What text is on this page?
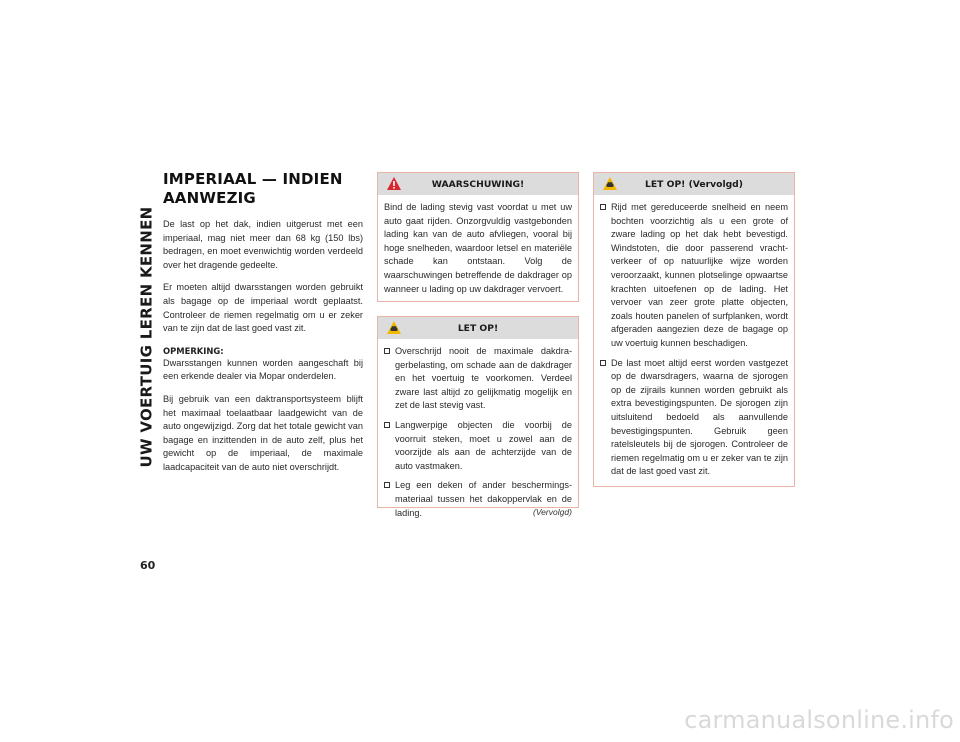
UW VOERTUIG LEREN KENNEN
60
IMPERIAAL — INDIEN AANWEZIG

De last op het dak, indien uitgerust met een imperiaal, mag niet meer dan 68 kg (150 lbs) bedragen, en moet evenwichtig worden verdeeld over het dragende gedeelte.

Er moeten altijd dwarsstangen worden gebruikt als bagage op de imperiaal wordt geplaatst. Controleer de riemen regelmatig om u er zeker van te zijn dat de last goed vast zit.

OPMERKING:

Dwarsstangen kunnen worden aangeschaft bij een erkende dealer via Mopar onderdelen.

Bij gebruik van een daktransportsysteem blijft het maximaal toelaatbaar laadgewicht van de auto ongewijzigd. Zorg dat het totale gewicht van bagage en inzittenden in de auto zelf, plus het gewicht op de imperiaal, de maximale laadcapaciteit van de auto niet overschrijdt.

WAARSCHUWING!

Bind de lading stevig vast voordat u met uw auto gaat rijden. Onzorgvuldig vastgebonden lading kan van de auto afvliegen, vooral bij hoge snelheden, waardoor letsel en materiële schade kan ontstaan. Volg de waarschuwingen betreffende de dakdrager op wanneer u lading op uw dakdrager vervoert.

LET OP!
Overschrijd nooit de maximale dakdragerbelasting, om schade aan de dakdrager en het voertuig te voorkomen. Verdeel zware last altijd zo gelijkmatig mogelijk en zet de last stevig vast.
Langwerpige objecten die voorbij de voorruit steken, moet u zowel aan de voorzijde als aan de achterzijde van de auto vastmaken.
Leg een deken of ander beschermingsmateriaal tussen het dakoppervlak en de lading.	(Vervolgd)
LET OP! (Vervolgd)
Rijd met gereduceerde snelheid en neem bochten voorzichtig als u een grote of zware lading op het dak hebt bevestigd. Windstoten, die door passerend vrachtverkeer of op natuurlijke wijze worden veroorzaakt, kunnen plotselinge opwaartse krachten uitoefenen op de lading. Het vervoer van zeer grote platte objecten, zoals houten panelen of surfplanken, wordt afgeraden aangezien deze de bagage op uw voertuig kunnen beschadigen.
De last moet altijd eerst worden vastgezet op de dwarsdragers, waarna de sjorogen op de zijrails kunnen worden gebruikt als extra bevestigingspunten. De sjorogen zijn uitsluitend bedoeld als aanvullende bevestigingspunten. Gebruik geen ratelsleutels bij de sjorogen. Controleer de riemen regelmatig om u er zeker van te zijn dat de last goed vast zit.
carmanualsonline.info
